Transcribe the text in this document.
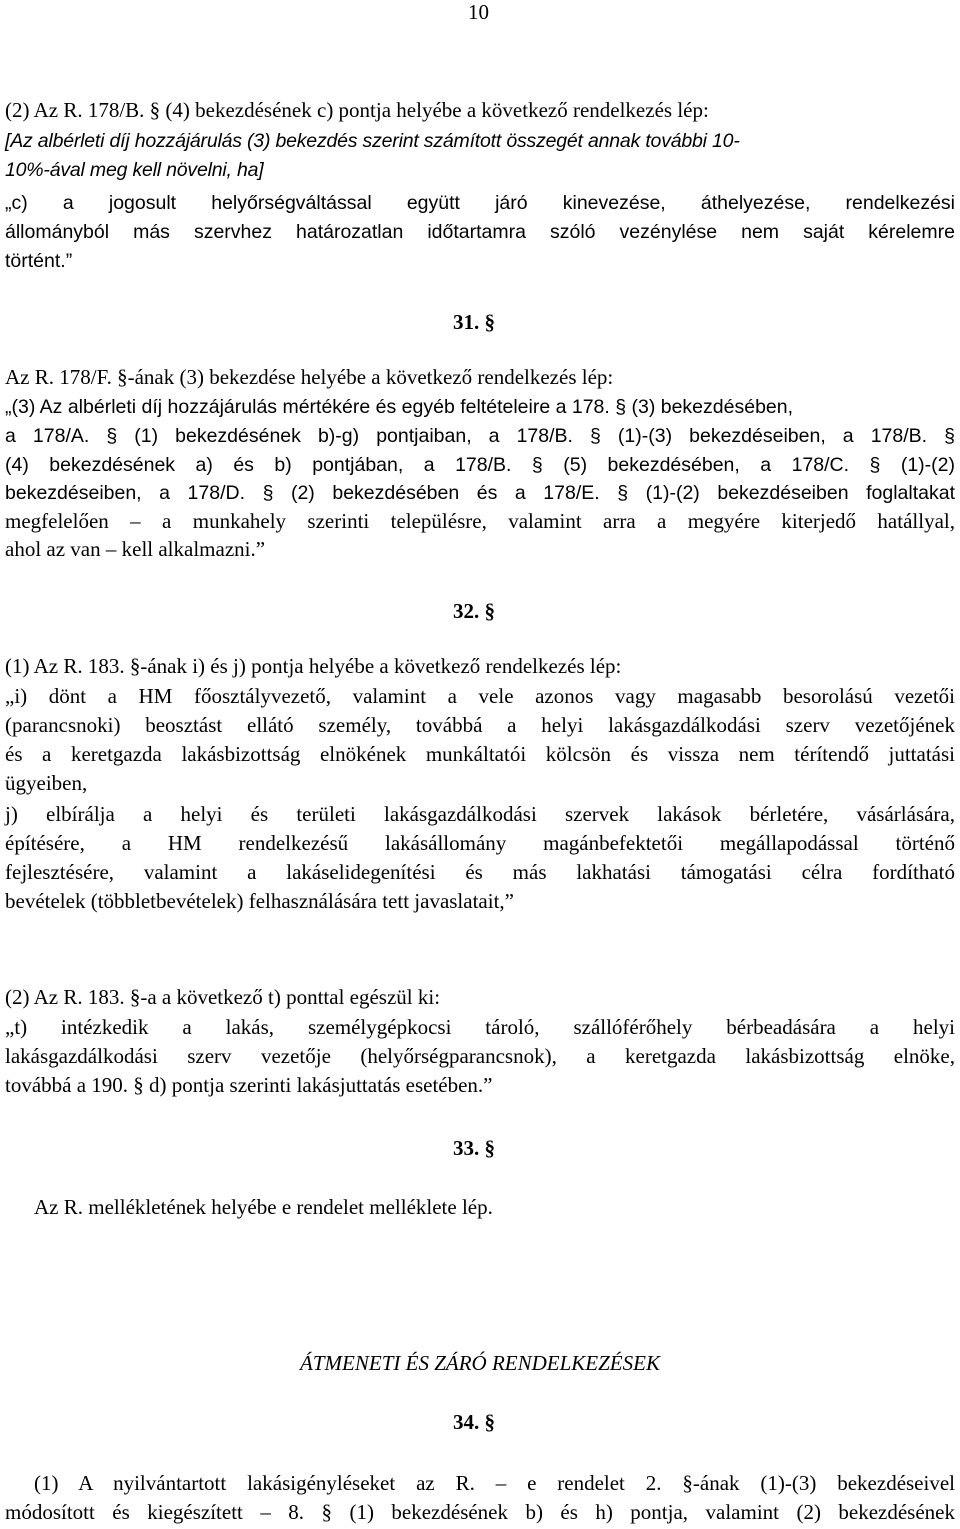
10
(2) Az R. 178/B. § (4) bekezdésének c) pontja helyébe a következő rendelkezés lép:
[Az albérleti díj hozzájárulás (3) bekezdés szerint számított összegét annak további 10-
10%-ával meg kell növelni, ha]
„c) a jogosult helyőrségváltással együtt járó kinevezése, áthelyezése, rendelkezési
állományból más szervhez határozatlan időtartamra szóló vezénylése nem saját kérelemre
történt.”
31. §
Az R. 178/F. §-ának (3) bekezdése helyébe a következő rendelkezés lép:
„(3) Az albérleti díj hozzájárulás mértékére és egyéb feltételeire a 178. § (3) bekezdésében,
a 178/A. § (1) bekezdésének b)-g) pontjaiban, a 178/B. § (1)-(3) bekezdéseiben, a 178/B. §
(4) bekezdésének a) és b) pontjában, a 178/B. § (5) bekezdésében, a 178/C. § (1)-(2)
bekezdéseiben, a 178/D. § (2) bekezdésében és a 178/E. § (1)-(2) bekezdéseiben foglaltakat
megfelelően – a munkahely szerinti településre, valamint arra a megyére kiterjedő hatállyal,
ahol az van – kell alkalmazni.”
32. §
(1) Az R. 183. §-ának i) és j) pontja helyébe a következő rendelkezés lép:
„i) dönt a HM főosztályvezető, valamint a vele azonos vagy magasabb besorolású vezetői
(parancsnoki) beosztást ellátó személy, továbbá a helyi lakásgazdálkodási szerv vezetőjének
és a keretgazda lakásbizottság elnökének munkáltatói kölcsön és vissza nem térítendő juttatási
ügyeiben,
j) elbírálja a helyi és területi lakásgazdálkodási szervek lakások bérletére, vásárlására,
építésére, a HM rendelkezésű lakásállomány magánbefektetői megállapodással történő
fejlesztésére, valamint a lakáselidegenítési és más lakhatási támogatási célra fordítható
bevételek (többletbevételek) felhasználására tett javaslatait,”
(2) Az R. 183. §-a a következő t) ponttal egészül ki:
„t) intézkedik a lakás, személygépkocsi tároló, szállóférőhely bérbeadására a helyi
lakásgazdálkodási szerv vezetője (helyőrségparancsnok), a keretgazda lakásbizottság elnöke,
továbbá a 190. § d) pontja szerinti lakásjuttatás esetében.”
33. §
Az R. mellékletének helyébe e rendelet melléklete lép.
ÁTMENETI ÉS ZÁRÓ RENDELKEZÉSEK
34. §
(1) A nyilvántartott lakásigényléseket az R. – e rendelet 2. §-ának (1)-(3) bekezdéseivel
módosított és kiegészített – 8. § (1) bekezdésének b) és h) pontja, valamint (2) bekezdésének
